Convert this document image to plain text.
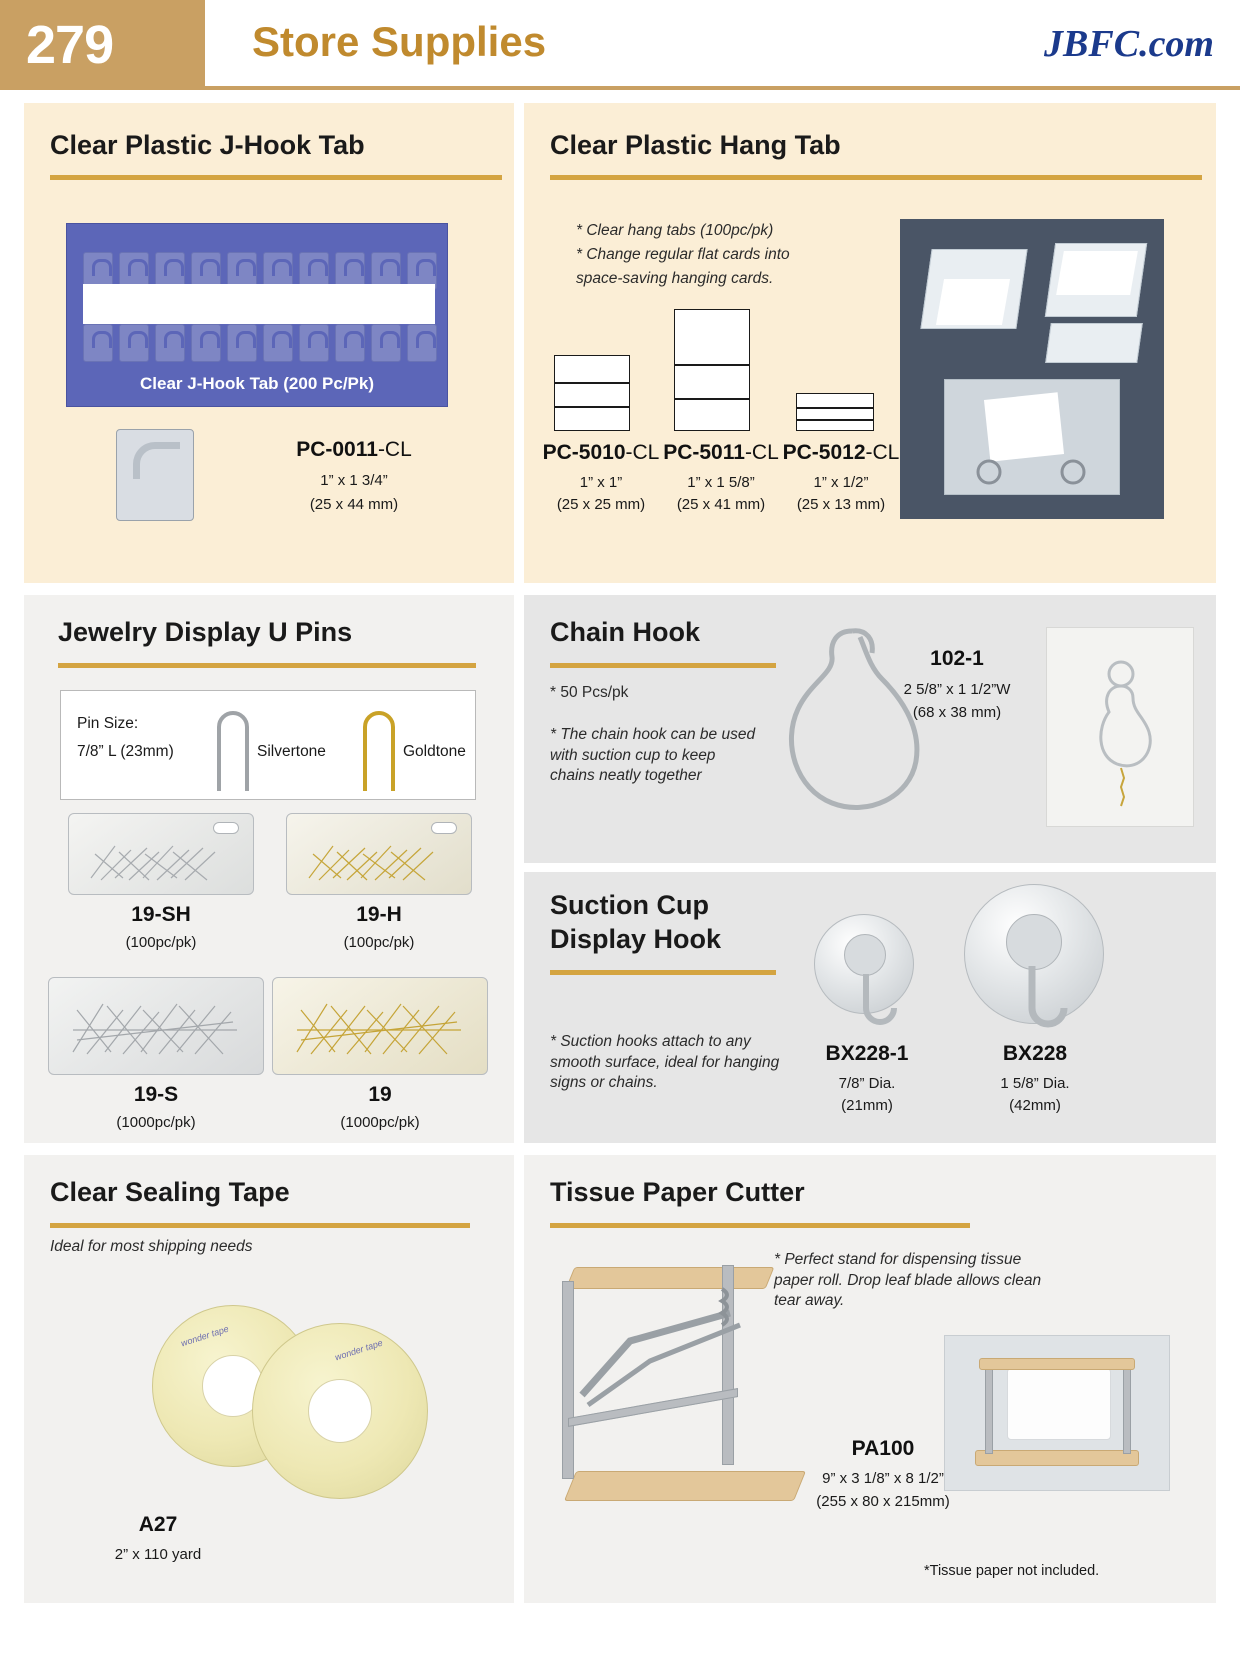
279	Store Supplies	JBFC.com
Clear Plastic J-Hook Tab
Clear J-Hook Tab (200 Pc/Pk)
PC-0011-CL
1” x 1 3/4”
(25 x 44 mm)
Clear Plastic Hang Tab
* Clear hang tabs (100pc/pk)
* Change regular flat cards into
space-saving hanging cards.
PC-5010-CL
1” x 1”
(25 x 25 mm)
PC-5011-CL
1” x 1 5/8”
(25 x 41 mm)
PC-5012-CL
1” x 1/2”
(25 x 13 mm)
Jewelry Display U Pins
Pin Size:
7/8” L (23mm)	Silvertone	Goldtone
19-SH
(100pc/pk)
19-H
(100pc/pk)
19-S
(1000pc/pk)
19
(1000pc/pk)
Chain Hook
* 50 Pcs/pk
* The chain hook can be used with suction cup to keep chains neatly together
102-1
2 5/8” x 1 1/2”W
(68 x 38 mm)
Suction Cup
Display Hook
* Suction hooks attach to any smooth surface, ideal for hanging signs or chains.
BX228-1
7/8” Dia.
(21mm)
BX228
1 5/8” Dia.
(42mm)
Clear Sealing Tape
Ideal for most shipping needs
wonder tape
wonder tape
A27
2” x 110 yard
Tissue Paper Cutter
* Perfect stand for dispensing tissue paper roll. Drop leaf blade allows clean tear away.
PA100
9” x 3 1/8” x 8 1/2”
(255 x 80 x 215mm)
*Tissue paper not included.
